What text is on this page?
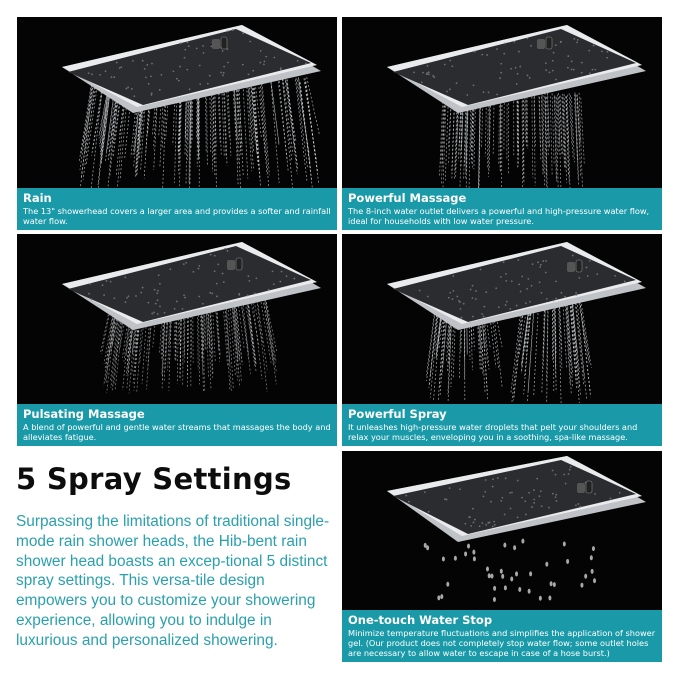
Rain
The 13" showerhead covers a larger area and provides a softer and rainfall water flow.
Powerful Massage
The 8-inch water outlet delivers a powerful and high-pressure water flow, ideal for households with low water pressure.
Pulsating Massage
A blend of powerful and gentle water streams that massages the body and alleviates fatigue.
Powerful Spray
It unleashes high-pressure water droplets that pelt your shoulders and relax your muscles, enveloping you in a soothing, spa-like massage.
One-touch Water Stop
Minimize temperature fluctuations and simplifies the application of shower gel. (Our product does not completely stop water flow; some outlet holes are necessary to allow water to escape in case of a hose burst.)
5 Spray Settings

Surpassing the limitations of traditional single-mode rain shower heads, the Hib-bent rain shower head boasts an excep-tional 5 distinct spray settings. This versa-tile design empowers you to customize your showering experience, allowing you to indulge in luxurious and personalized showering.
